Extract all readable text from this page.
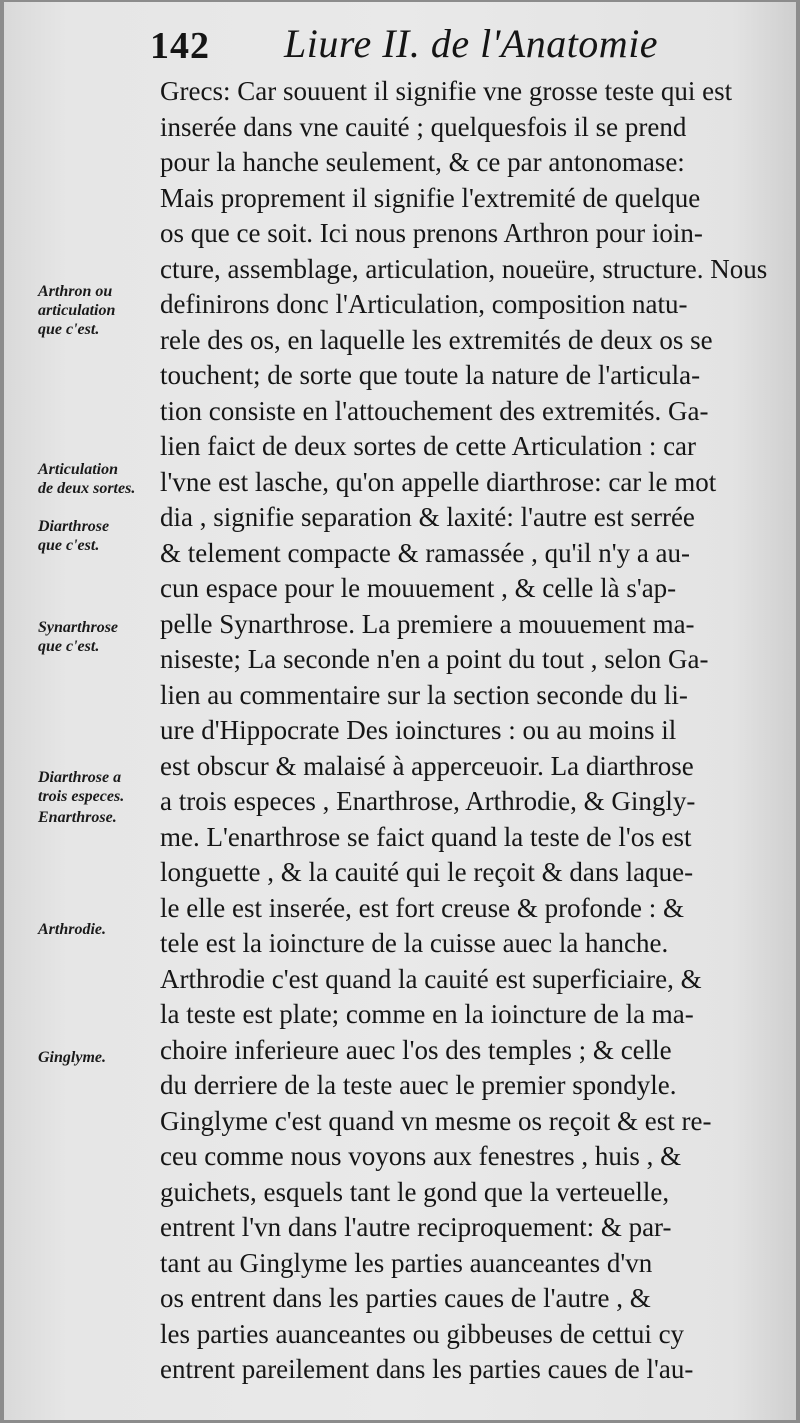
142 Liure II. de l'Anatomie
Arthron ou
articulation
que c'est.
Articulation
de deux sortes.
Diarthrose
que c'est.
Synarthrose
que c'est.
Diarthrose a
trois especes.
Enarthrose.
Arthrodie.
Ginglyme.
Grecs: Car souuent il signifie vne grosse teste qui est
inserée dans vne cauité ; quelquesfois il se prend
pour la hanche seulement, & ce par antonomase:
Mais proprement il signifie l'extremité de quelque
os que ce soit. Ici nous prenons Arthron pour ioin-
cture, assemblage, articulation, noueüre, structure. Nous
definirons donc l'Articulation, composition natu-
rele des os, en laquelle les extremités de deux os se
touchent; de sorte que toute la nature de l'articula-
tion consiste en l'attouchement des extremités. Ga-
lien faict de deux sortes de cette Articulation : car
l'vne est lasche, qu'on appelle diarthrose: car le mot
dia , signifie separation & laxité: l'autre est serrée
& telement compacte & ramassée , qu'il n'y a au-
cun espace pour le mouuement , & celle là s'ap-
pelle Synarthrose. La premiere a mouuement ma-
niseste; La seconde n'en a point du tout , selon Ga-
lien au commentaire sur la section seconde du li-
ure d'Hippocrate Des ioinctures : ou au moins il
est obscur & malaisé à apperceuoir. La diarthrose
a trois especes , Enarthrose, Arthrodie, & Gingly-
me. L'enarthrose se faict quand la teste de l'os est
longuette , & la cauité qui le reçoit & dans laque-
le elle est inserée, est fort creuse & profonde : &
tele est la ioincture de la cuisse auec la hanche.
Arthrodie c'est quand la cauité est superficiaire, &
la teste est plate; comme en la ioincture de la ma-
choire inferieure auec l'os des temples ; & celle
du derriere de la teste auec le premier spondyle.
Ginglyme c'est quand vn mesme os reçoit & est re-
ceu comme nous voyons aux fenestres , huis , &
guichets, esquels tant le gond que la verteuelle,
entrent l'vn dans l'autre reciproquement: & par-
tant au Ginglyme les parties auanceantes d'vn
os entrent dans les parties caues de l'autre , &
les parties auanceantes ou gibbeuses de cettui cy
entrent pareilement dans les parties caues de l'au-
